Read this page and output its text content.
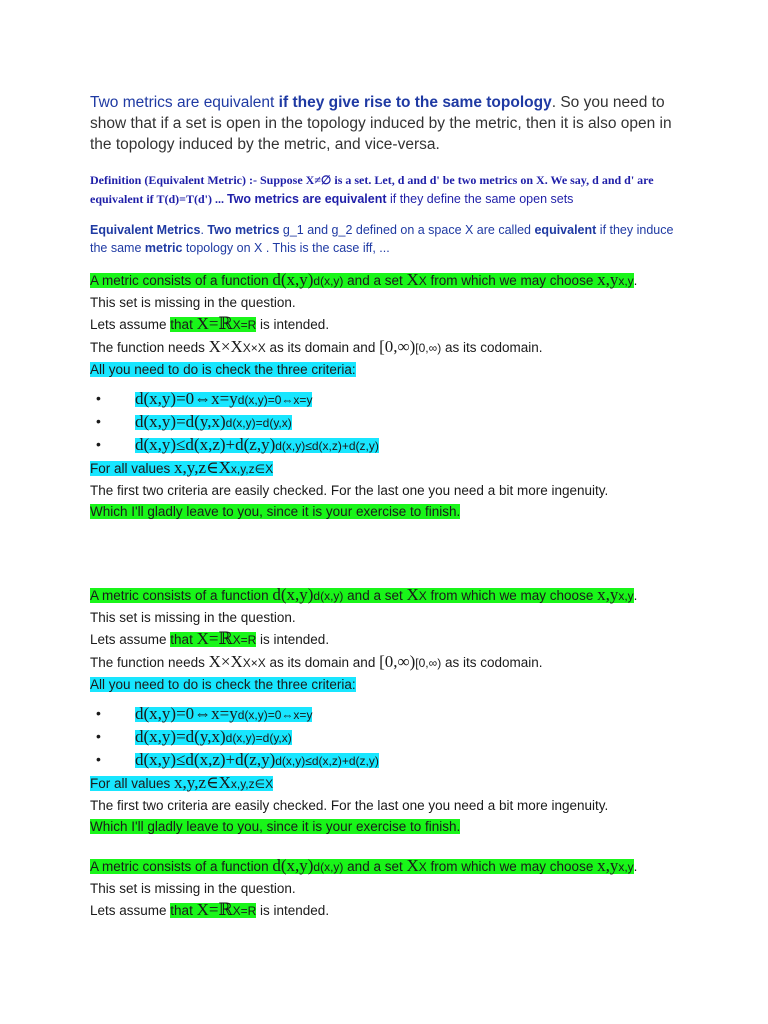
Two metrics are equivalent if they give rise to the same topology. So you need to show that if a set is open in the topology induced by the metric, then it is also open in the topology induced by the metric, and vice-versa.

Definition (Equivalent Metric) :- Suppose X≠∅ is a set. Let, d and d' be two metrics on X. We say, d and d' are equivalent if T(d)=T(d') ... Two metrics are equivalent if they define the same open sets
Equivalent Metrics. Two metrics g_1 and g_2 defined on a space X are called equivalent if they induce the same metric topology on X . This is the case iff, ...
A metric consists of a function d(x,y)d(x,y) and a set XX from which we may choose x,yx,y.
This set is missing in the question.
Lets assume that X=ℝX=R is intended.
The function needs X×XX×X as its domain and [0,∞)[0,∞) as its codomain.
All you need to do is check the three criteria:
• d(x,y)=0⇔x=yd(x,y)=0⇔x=y
• d(x,y)=d(y,x)d(x,y)=d(y,x)
• d(x,y)≤d(x,z)+d(z,y)d(x,y)≤d(x,z)+d(z,y)
For all values x,y,z∈Xx,y,z∈X
The first two criteria are easily checked. For the last one you need a bit more ingenuity.
Which I'll gladly leave to you, since it is your exercise to finish.
A metric consists of a function d(x,y)d(x,y) and a set XX from which we may choose x,yx,y.
This set is missing in the question.
Lets assume that X=ℝX=R is intended.
The function needs X×XX×X as its domain and [0,∞)[0,∞) as its codomain.
All you need to do is check the three criteria:
• d(x,y)=0⇔x=yd(x,y)=0⇔x=y
• d(x,y)=d(y,x)d(x,y)=d(y,x)
• d(x,y)≤d(x,z)+d(z,y)d(x,y)≤d(x,z)+d(z,y)
For all values x,y,z∈Xx,y,z∈X
The first two criteria are easily checked. For the last one you need a bit more ingenuity.
Which I'll gladly leave to you, since it is your exercise to finish.
A metric consists of a function d(x,y)d(x,y) and a set XX from which we may choose x,yx,y.
This set is missing in the question.
Lets assume that X=ℝX=R is intended.
